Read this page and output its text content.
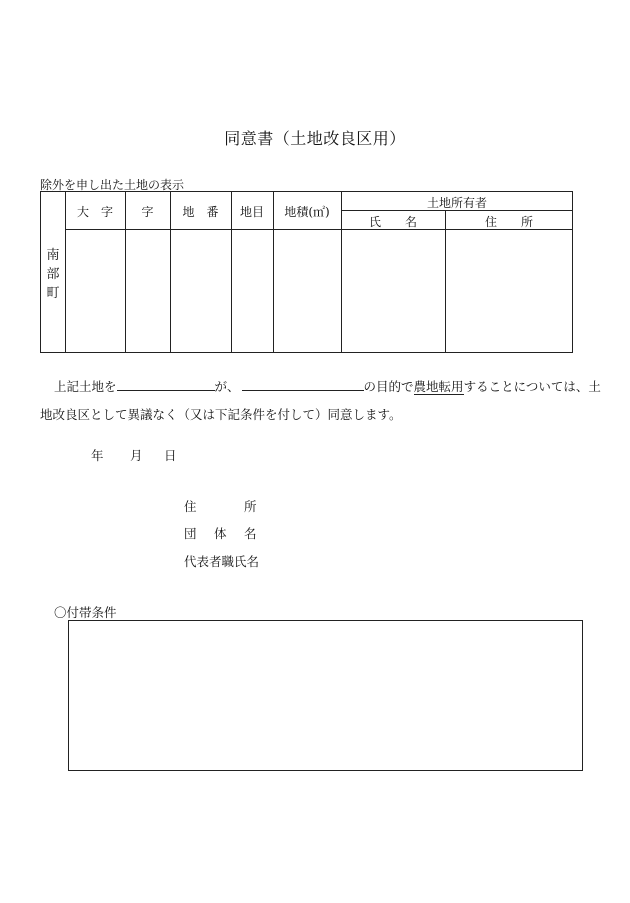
同意書（土地改良区用）
除外を申し出た土地の表示
大　字	字	地　番	地目	地積(㎡)
土地所有者
氏　　名	住　　所
南
部
町
上記土地を	が、	の目的で農地転用することについては、土
地改良区として異議なく（又は下記条件を付して）同意します。
年 月 日
住	所
団 体 名
代表者職氏名
〇付帯条件
